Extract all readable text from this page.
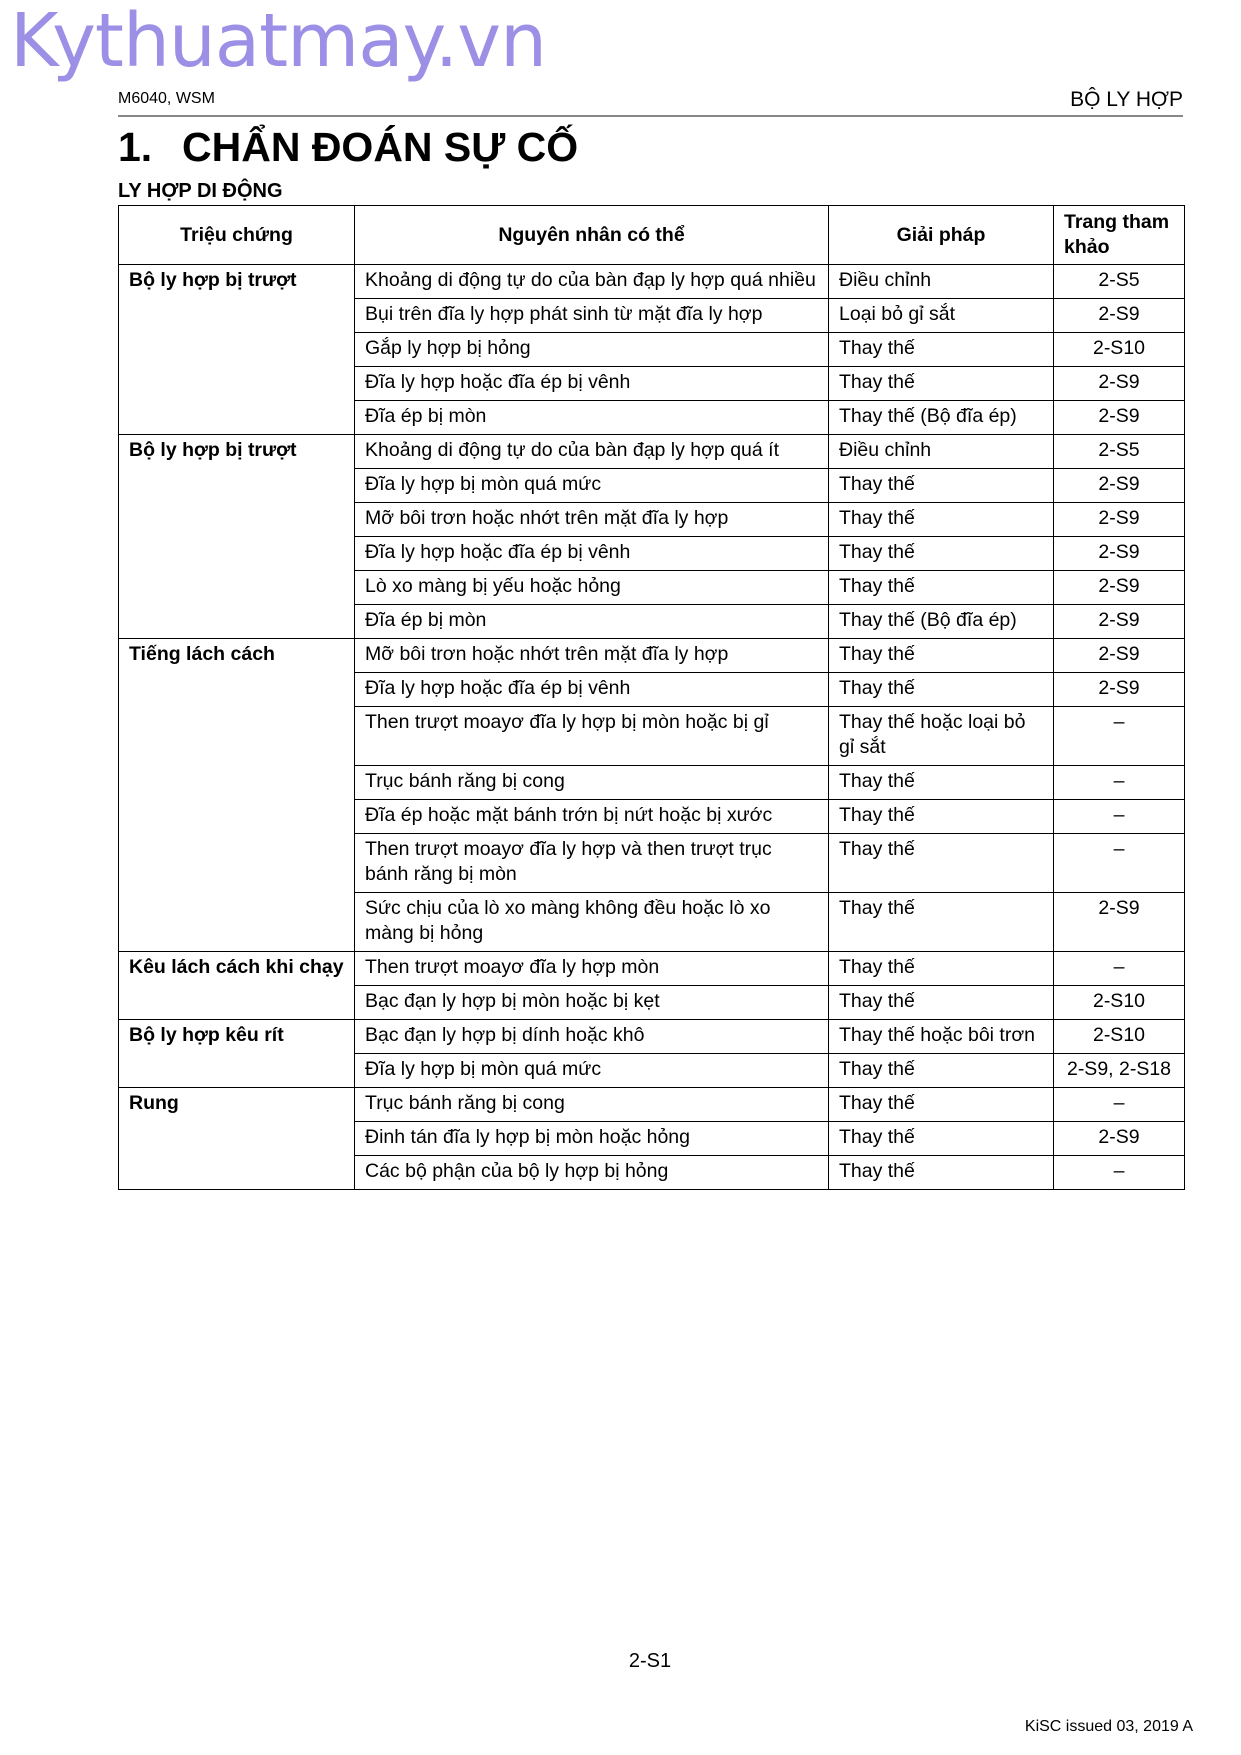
Kythuatmay.vn
M6040, WSM	BỘ LY HỢP
1. CHẨN ĐOÁN SỰ CỐ
LY HỢP DI ĐỘNG
Triệu chứng	Nguyên nhân có thể	Giải pháp	Trang tham khảo
Bộ ly hợp bị trượt	Khoảng di động tự do của bàn đạp ly hợp quá nhiều	Điều chỉnh	2-S5
	Bụi trên đĩa ly hợp phát sinh từ mặt đĩa ly hợp	Loại bỏ gỉ sắt	2-S9
	Gắp ly hợp bị hỏng	Thay thế	2-S10
	Đĩa ly hợp hoặc đĩa ép bị vênh	Thay thế	2-S9
	Đĩa ép bị mòn	Thay thế (Bộ đĩa ép)	2-S9
Bộ ly hợp bị trượt	Khoảng di động tự do của bàn đạp ly hợp quá ít	Điều chỉnh	2-S5
	Đĩa ly hợp bị mòn quá mức	Thay thế	2-S9
	Mỡ bôi trơn hoặc nhớt trên mặt đĩa ly hợp	Thay thế	2-S9
	Đĩa ly hợp hoặc đĩa ép bị vênh	Thay thế	2-S9
	Lò xo màng bị yếu hoặc hỏng	Thay thế	2-S9
	Đĩa ép bị mòn	Thay thế (Bộ đĩa ép)	2-S9
Tiếng lách cách	Mỡ bôi trơn hoặc nhớt trên mặt đĩa ly hợp	Thay thế	2-S9
	Đĩa ly hợp hoặc đĩa ép bị vênh	Thay thế	2-S9
	Then trượt moayơ đĩa ly hợp bị mòn hoặc bị gỉ	Thay thế hoặc loại bỏ gỉ sắt	–
	Trục bánh răng bị cong	Thay thế	–
	Đĩa ép hoặc mặt bánh trớn bị nứt hoặc bị xước	Thay thế	–
	Then trượt moayơ đĩa ly hợp và then trượt trục bánh răng bị mòn	Thay thế	–
	Sức chịu của lò xo màng không đều hoặc lò xo màng bị hỏng	Thay thế	2-S9
Kêu lách cách khi chạy	Then trượt moayơ đĩa ly hợp mòn	Thay thế	–
	Bạc đạn ly hợp bị mòn hoặc bị kẹt	Thay thế	2-S10
Bộ ly hợp kêu rít	Bạc đạn ly hợp bị dính hoặc khô	Thay thế hoặc bôi trơn	2-S10
	Đĩa ly hợp bị mòn quá mức	Thay thế	2-S9, 2-S18
Rung	Trục bánh răng bị cong	Thay thế	–
	Đinh tán đĩa ly hợp bị mòn hoặc hỏng	Thay thế	2-S9
	Các bộ phận của bộ ly hợp bị hỏng	Thay thế	–
2-S1
KiSC issued 03, 2019 A
